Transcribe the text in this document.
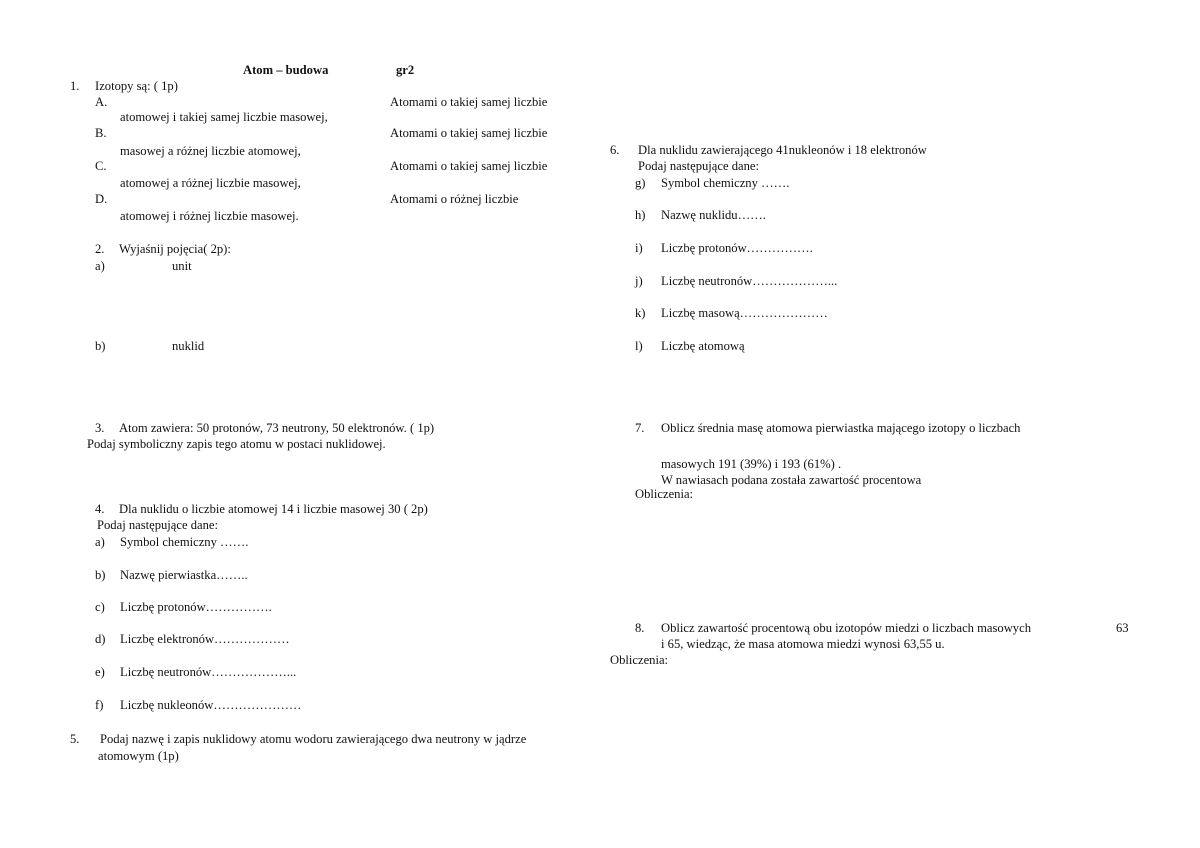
Atom – budowa	gr2
1. Izotopy są: ( 1p)
A.	Atomami o takiej samej liczbie
atomowej i takiej samej liczbie masowej,
B.	Atomami o takiej samej liczbie
masowej a różnej liczbie atomowej,
C.	Atomami o takiej samej liczbie
atomowej a różnej liczbie masowej,
D.	Atomami o różnej liczbie
atomowej i różnej liczbie masowej.
2. Wyjaśnij pojęcia( 2p):
a)	unit
b)	nuklid
3. Atom zawiera: 50 protonów, 73 neutrony, 50 elektronów. ( 1p)
Podaj symboliczny zapis tego atomu w postaci nuklidowej.
4. Dla nuklidu o liczbie atomowej 14 i liczbie masowej 30 ( 2p)
Podaj następujące dane:
a) Symbol chemiczny …….
b) Nazwę pierwiastka……..
c) Liczbę protonów…………….
d) Liczbę elektronów………………
e) Liczbę neutronów………………...
f) Liczbę nukleonów…………………
5. Podaj nazwę i zapis nuklidowy atomu wodoru zawierającego dwa neutrony w jądrze
atomowym (1p)
6. Dla nuklidu zawierającego 41nukleonów i 18 elektronów
Podaj następujące dane:
g) Symbol chemiczny …….
h) Nazwę nuklidu…….
i) Liczbę protonów…………….
j) Liczbę neutronów………………...
k) Liczbę masową…………………
l) Liczbę atomową
7. Oblicz średnia masę atomowa pierwiastka mającego izotopy o liczbach
masowych 191 (39%) i 193 (61%) .
W nawiasach podana została zawartość procentowa
Obliczenia:
8. Oblicz zawartość procentową obu izotopów miedzi o liczbach masowych	63
i 65, wiedząc, że masa atomowa miedzi wynosi 63,55 u.
Obliczenia:
